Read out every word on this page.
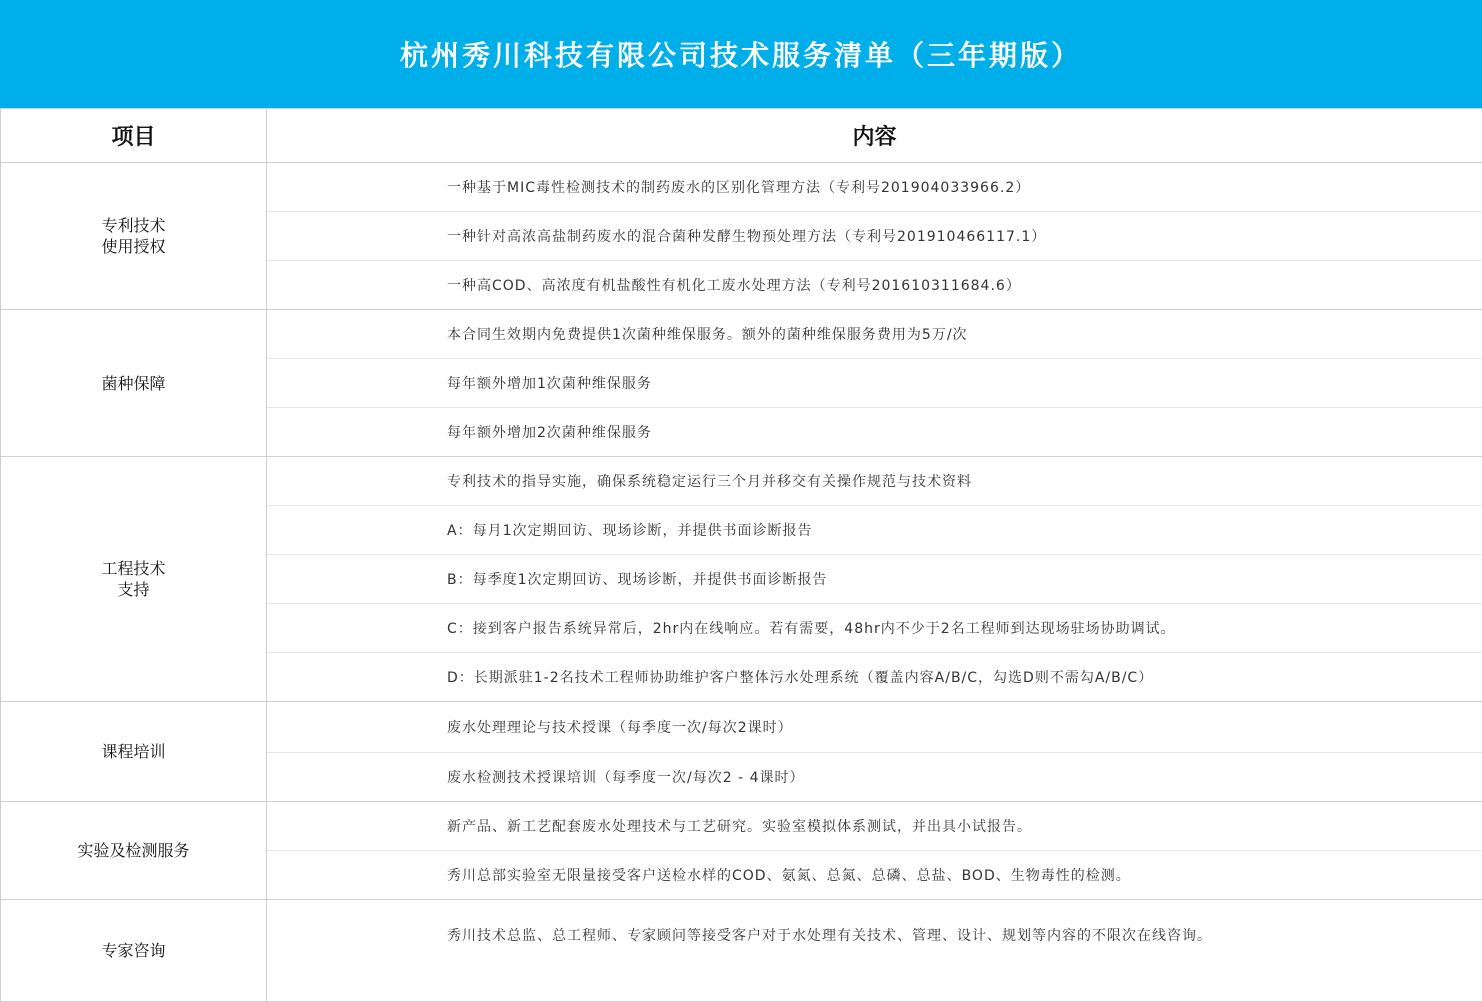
杭州秀川科技有限公司技术服务清单（三年期版）
项目	内容

专利技术
使用授权	一种基于MIC毒性检测技术的制药废水的区别化管理方法（专利号201904033966.2）
	一种针对高浓高盐制药废水的混合菌种发酵生物预处理方法（专利号201910466117.1）
	一种高COD、高浓度有机盐酸性有机化工废水处理方法（专利号201610311684.6）

菌种保障	本合同生效期内免费提供1次菌种维保服务。额外的菌种维保服务费用为5万/次
	每年额外增加1次菌种维保服务
	每年额外增加2次菌种维保服务

工程技术
支持	专利技术的指导实施，确保系统稳定运行三个月并移交有关操作规范与技术资料
	A：每月1次定期回访、现场诊断，并提供书面诊断报告
	B：每季度1次定期回访、现场诊断，并提供书面诊断报告
	C：接到客户报告系统异常后，2hr内在线响应。若有需要，48hr内不少于2名工程师到达现场驻场协助调试。
	D：长期派驻1-2名技术工程师协助维护客户整体污水处理系统（覆盖内容A/B/C，勾选D则不需勾A/B/C）

课程培训	废水处理理论与技术授课（每季度一次/每次2课时）
	废水检测技术授课培训（每季度一次/每次2 - 4课时）

实验及检测服务	新产品、新工艺配套废水处理技术与工艺研究。实验室模拟体系测试，并出具小试报告。
	秀川总部实验室无限量接受客户送检水样的COD、氨氮、总氮、总磷、总盐、BOD、生物毒性的检测。

专家咨询	秀川技术总监、总工程师、专家顾问等接受客户对于水处理有关技术、管理、设计、规划等内容的不限次在线咨询。
